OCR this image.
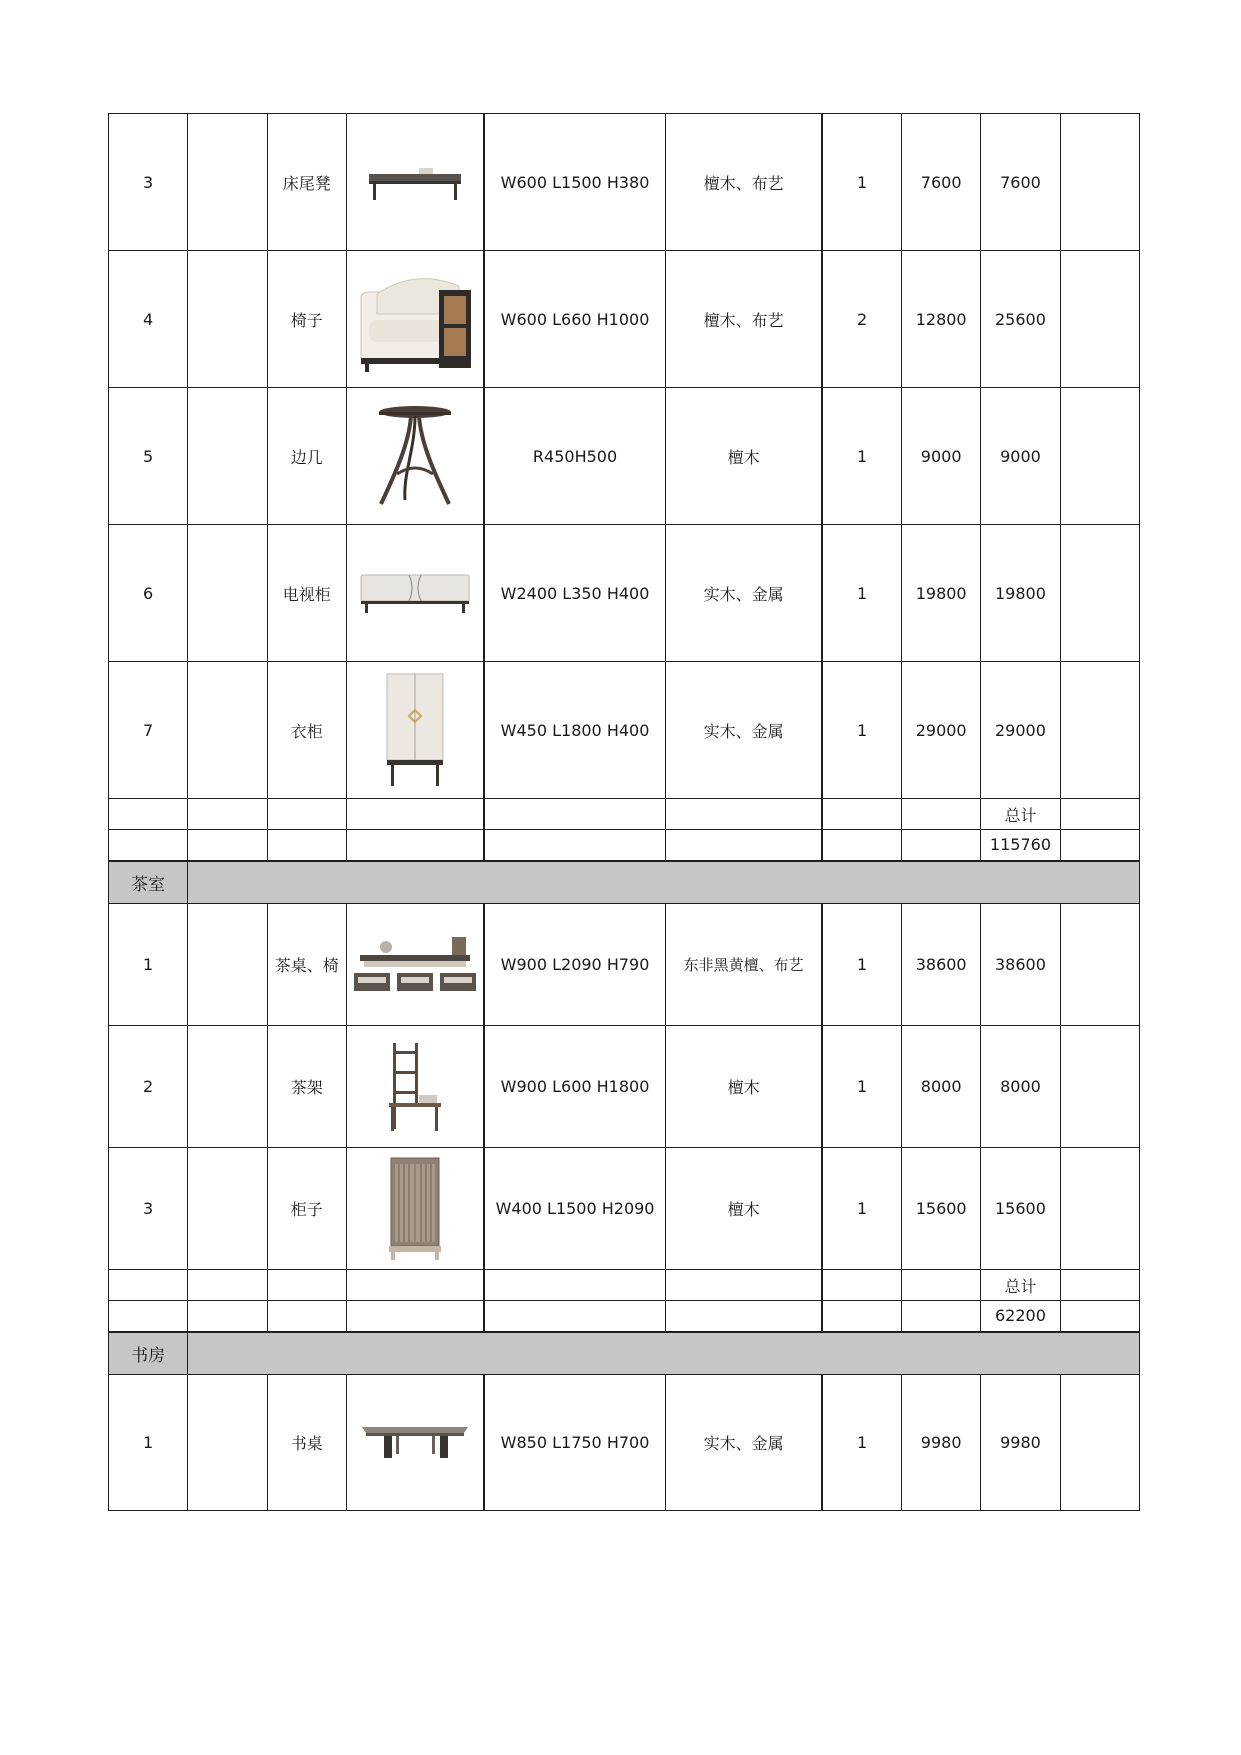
3		床尾凳		W600 L1500 H380	檀木、布艺	1	7600	7600	
4		椅子		W600 L660 H1000	檀木、布艺	2	12800	25600	
5		边几		R450H500	檀木	1	9000	9000	
6		电视柜		W2400 L350 H400	实木、金属	1	19800	19800	
7		衣柜		W450 L1800 H400	实木、金属	1	29000	29000	
								总计	
								115760	
茶室									
1		茶桌、椅		W900 L2090 H790	东非黑黄檀、布艺	1	38600	38600	
2		茶架		W900 L600 H1800	檀木	1	8000	8000	
3		柜子		W400 L1500 H2090	檀木	1	15600	15600	
								总计	
								62200	
书房									
1		书桌		W850 L1750 H700	实木、金属	1	9980	9980	
